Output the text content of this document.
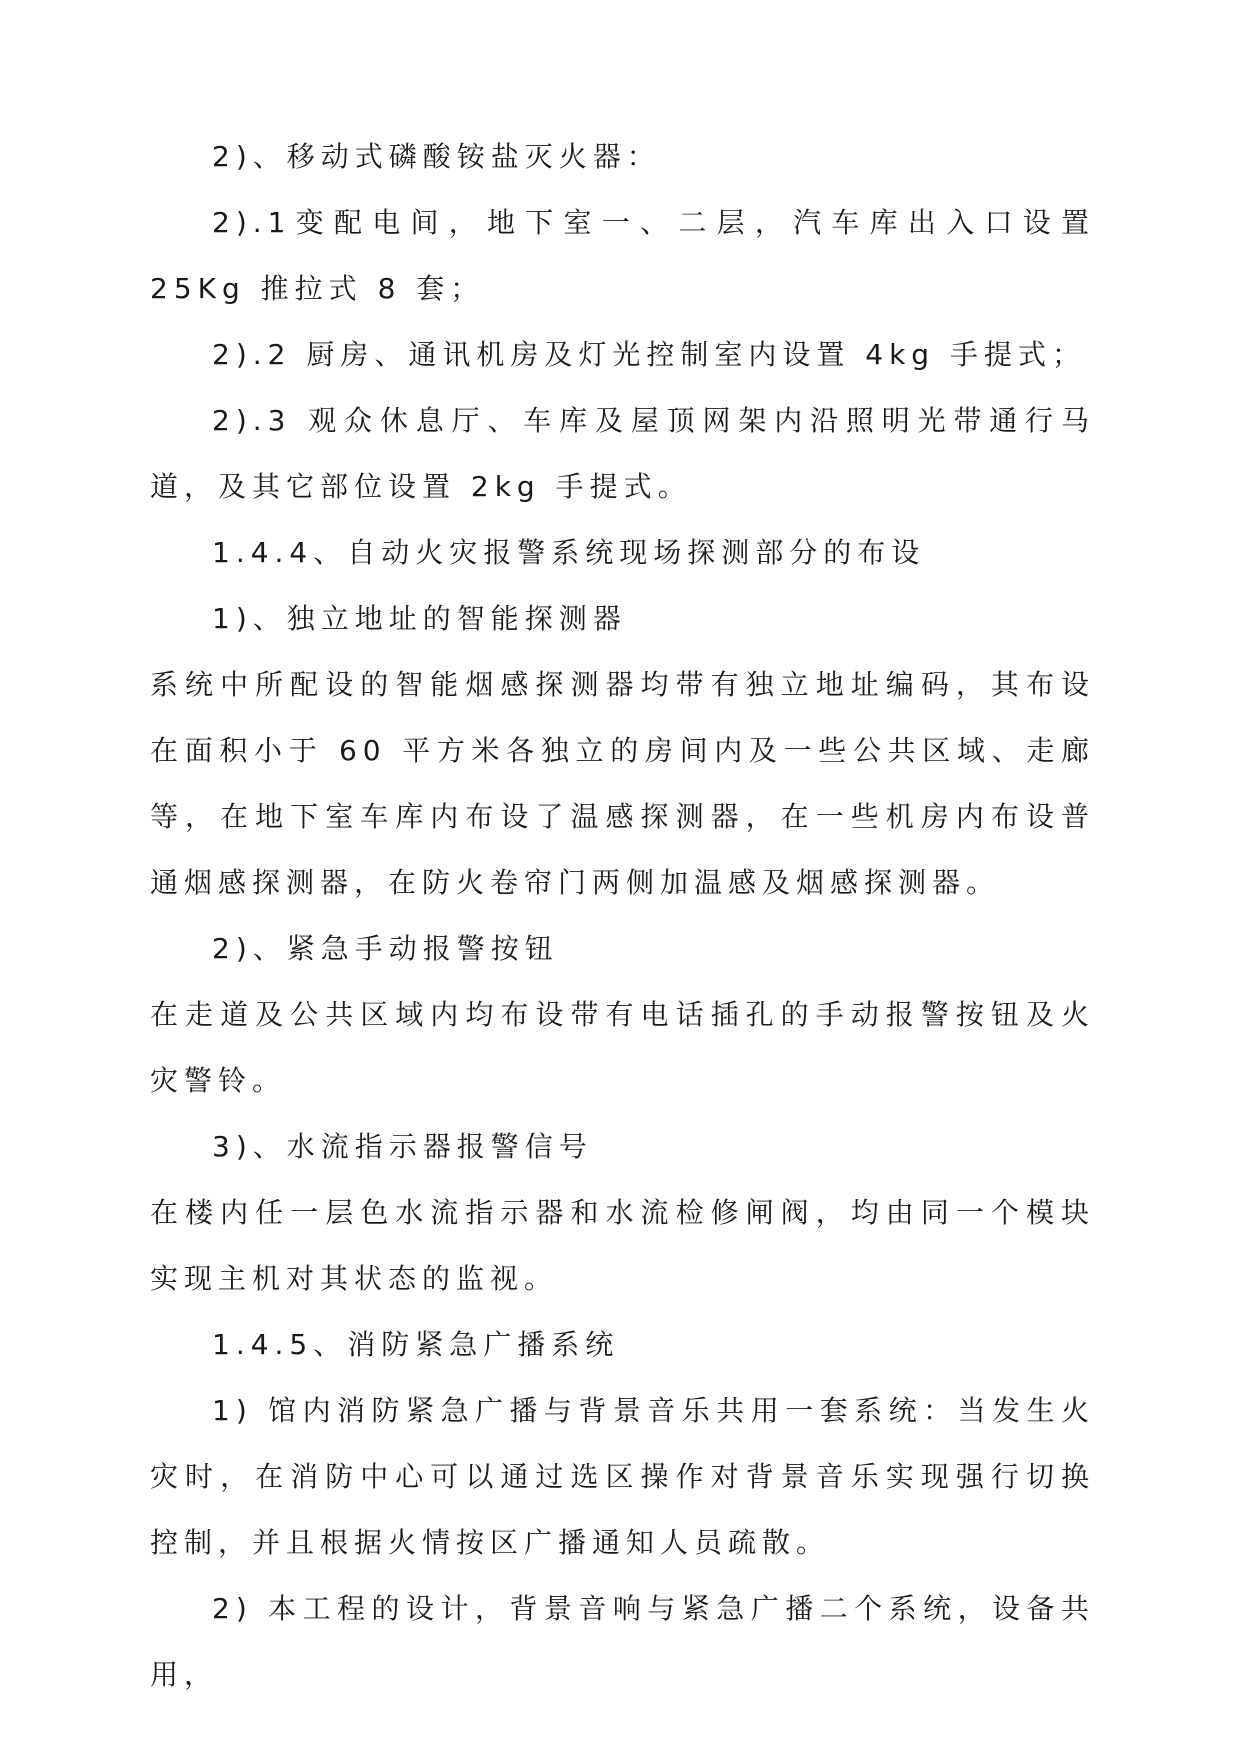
2)、移动式磷酸铵盐灭火器：

2).1变配电间，地下室一、二层，汽车库出入口设置 25Kg 推拉式 8 套；

2).2 厨房、通讯机房及灯光控制室内设置 4kg 手提式；

2).3 观众休息厅、车库及屋顶网架内沿照明光带通行马道，及其它部位设置 2kg 手提式。

1.4.4、自动火灾报警系统现场探测部分的布设

1)、独立地址的智能探测器

系统中所配设的智能烟感探测器均带有独立地址编码，其布设在面积小于 60 平方米各独立的房间内及一些公共区域、走廊等，在地下室车库内布设了温感探测器，在一些机房内布设普通烟感探测器，在防火卷帘门两侧加温感及烟感探测器。

2)、紧急手动报警按钮

在走道及公共区域内均布设带有电话插孔的手动报警按钮及火灾警铃。

3)、水流指示器报警信号

在楼内任一层色水流指示器和水流检修闸阀，均由同一个模块实现主机对其状态的监视。

1.4.5、消防紧急广播系统

1) 馆内消防紧急广播与背景音乐共用一套系统：当发生火灾时，在消防中心可以通过选区操作对背景音乐实现强行切换控制，并且根据火情按区广播通知人员疏散。

2) 本工程的设计，背景音响与紧急广播二个系统，设备共用，
